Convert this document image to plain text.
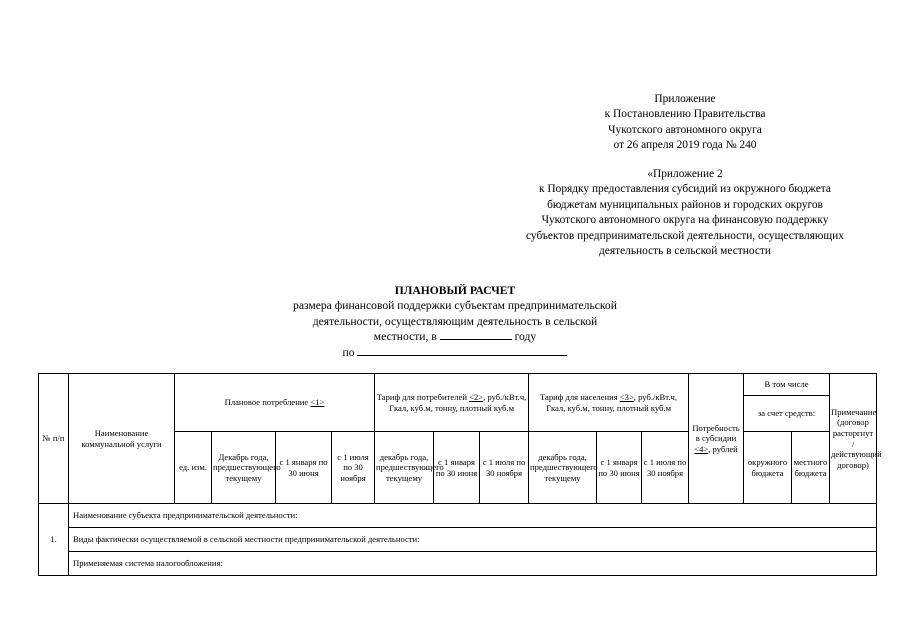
Приложение
к Постановлению Правительства
Чукотского автономного округа
от 26 апреля 2019 года № 240
«Приложение 2
к Порядку предоставления субсидий из окружного бюджета
бюджетам муниципальных районов и городских округов
Чукотского автономного округа на финансовую поддержку
субъектов предпринимательской деятельности, осуществляющих
деятельность в сельской местности
ПЛАНОВЫЙ РАСЧЕТ
размера финансовой поддержки субъектам предпринимательской
деятельности, осуществляющим деятельность в сельской
местности, в	году
по
№ п/п	Наименование коммунальной услуги	Плановое потребление <1>				Тариф для потребителей <2>, руб./кВт.ч, Гкал, куб.м, тонну, плотный куб.м			Тариф для населения <3>, руб./кВт.ч, Гкал, куб.м, тонну, плотный куб.м			Потребность в субсидии <4>, рублей	В том числе		Примечание (договор расторгнут / действующий договор)
													за счет средств:		
		ед. изм.	Декабрь года, предшествующего текущему	с 1 января по 30 июня	с 1 июля по 30 ноября	декабрь года, предшествующего текущему	с 1 января по 30 июня	с 1 июля по 30 ноября	декабрь года, предшествующего текущему	с 1 января по 30 июня	с 1 июля по 30 ноября		окружного бюджета	местного бюджета	
1.	Наименование субъекта предпринимательской деятельности:														
	Виды фактически осуществляемой в сельской местности предпринимательской деятельности:														
	Применяемая система налогообложения:														
